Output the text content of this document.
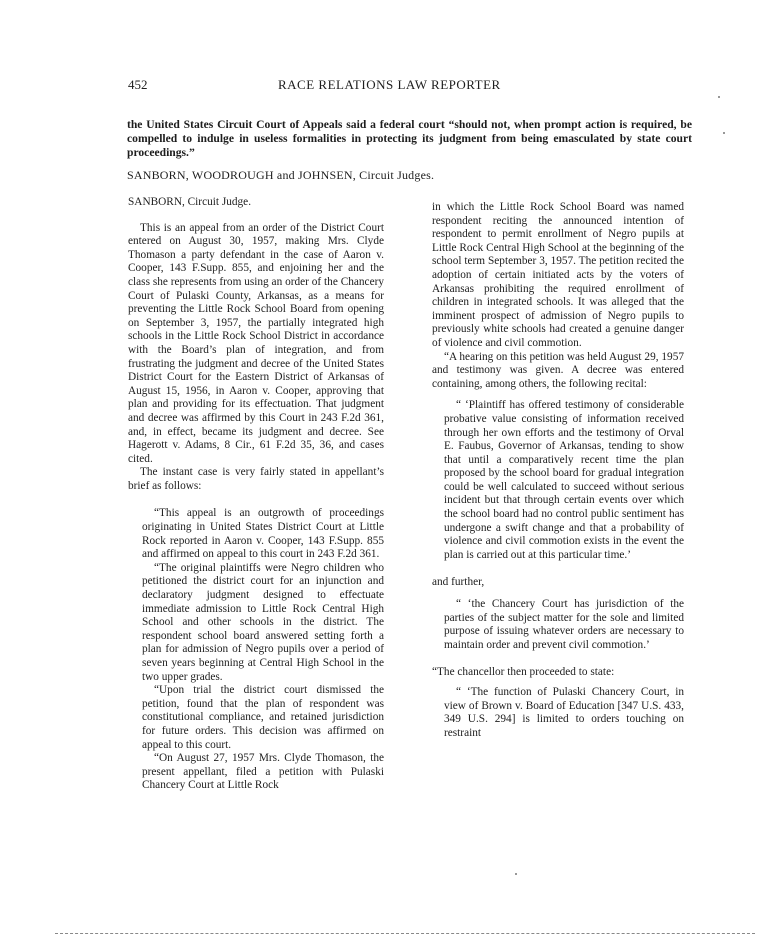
452	RACE RELATIONS LAW REPORTER
the United States Circuit Court of Appeals said a federal court “should not, when prompt action is required, be compelled to indulge in useless formalities in protecting its judgment from being emasculated by state court proceedings.”
SANBORN, WOODROUGH and JOHNSEN, Circuit Judges.

SANBORN, Circuit Judge.

This is an appeal from an order of the District Court entered on August 30, 1957, making Mrs. Clyde Thomason a party defendant in the case of Aaron v. Cooper, 143 F.Supp. 855, and enjoining her and the class she represents from using an order of the Chancery Court of Pulaski County, Arkansas, as a means for preventing the Little Rock School Board from opening on September 3, 1957, the partially integrated high schools in the Little Rock School District in accordance with the Board’s plan of integration, and from frustrating the judgment and decree of the United States District Court for the Eastern District of Arkansas of August 15, 1956, in Aaron v. Cooper, approving that plan and providing for its effectuation. That judgment and decree was affirmed by this Court in 243 F.2d 361, and, in effect, became its judgment and decree. See Hagerott v. Adams, 8 Cir., 61 F.2d 35, 36, and cases cited.

The instant case is very fairly stated in appellant’s brief as follows:

“This appeal is an outgrowth of proceedings originating in United States District Court at Little Rock reported in Aaron v. Cooper, 143 F.Supp. 855 and affirmed on appeal to this court in 243 F.2d 361.

“The original plaintiffs were Negro children who petitioned the district court for an injunction and declaratory judgment designed to effectuate immediate admission to Little Rock Central High School and other schools in the district. The respondent school board answered setting forth a plan for admission of Negro pupils over a period of seven years beginning at Central High School in the two upper grades.

“Upon trial the district court dismissed the petition, found that the plan of respondent was constitutional compliance, and retained jurisdiction for future orders. This decision was affirmed on appeal to this court.

“On August 27, 1957 Mrs. Clyde Thomason, the present appellant, filed a petition with Pulaski Chancery Court at Little Rock

in which the Little Rock School Board was named respondent reciting the announced intention of respondent to permit enrollment of Negro pupils at Little Rock Central High School at the beginning of the school term September 3, 1957. The petition recited the adoption of certain initiated acts by the voters of Arkansas prohibiting the required enrollment of children in integrated schools. It was alleged that the imminent prospect of admission of Negro pupils to previously white schools had created a genuine danger of violence and civil commotion.

“A hearing on this petition was held August 29, 1957 and testimony was given. A decree was entered containing, among others, the following recital:

“ ‘Plaintiff has offered testimony of considerable probative value consisting of information received through her own efforts and the testimony of Orval E. Faubus, Governor of Arkansas, tending to show that until a comparatively recent time the plan proposed by the school board for gradual integration could be well calculated to succeed without serious incident but that through certain events over which the school board had no control public sentiment has undergone a swift change and that a probability of violence and civil commotion exists in the event the plan is carried out at this particular time.’

and further,

“ ‘the Chancery Court has jurisdiction of the parties of the subject matter for the sole and limited purpose of issuing whatever orders are necessary to maintain order and prevent civil commotion.’

“The chancellor then proceeded to state:

“ ‘The function of Pulaski Chancery Court, in view of Brown v. Board of Education [347 U.S. 433, 349 U.S. 294] is limited to orders touching on restraint
